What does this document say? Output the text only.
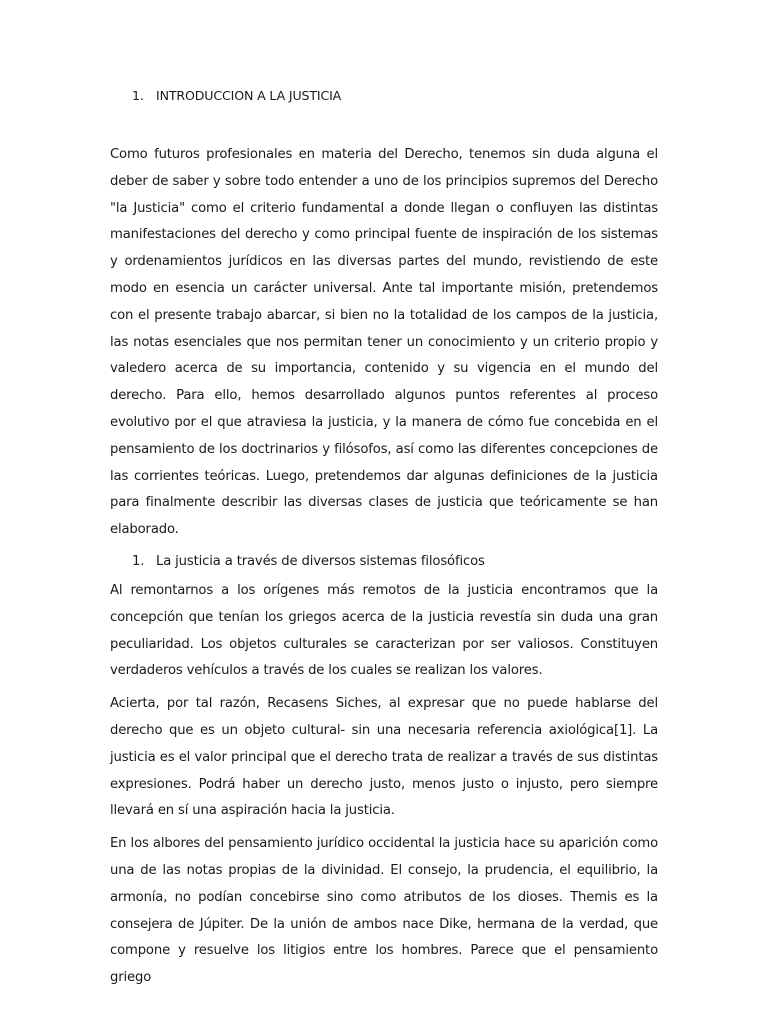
1. INTRODUCCION A LA JUSTICIA

Como futuros profesionales en materia del Derecho, tenemos sin duda alguna el deber de saber y sobre todo entender a uno de los principios supremos del Derecho "la Justicia" como el criterio fundamental a donde llegan o confluyen las distintas manifestaciones del derecho y como principal fuente de inspiración de los sistemas y ordenamientos jurídicos en las diversas partes del mundo, revistiendo de este modo en esencia un carácter universal. Ante tal importante misión, pretendemos con el presente trabajo abarcar, si bien no la totalidad de los campos de la justicia, las notas esenciales que nos permitan tener un conocimiento y un criterio propio y valedero acerca de su importancia, contenido y su vigencia en el mundo del derecho. Para ello, hemos desarrollado algunos puntos referentes al proceso evolutivo por el que atraviesa la justicia, y la manera de cómo fue concebida en el pensamiento de los doctrinarios y filósofos, así como las diferentes concepciones de las corrientes teóricas. Luego, pretendemos dar algunas definiciones de la justicia para finalmente describir las diversas clases de justicia que teóricamente se han elaborado.

1. La justicia a través de diversos sistemas filosóficos

Al remontarnos a los orígenes más remotos de la justicia encontramos que la concepción que tenían los griegos acerca de la justicia revestía sin duda una gran peculiaridad. Los objetos culturales se caracterizan por ser valiosos. Constituyen verdaderos vehículos a través de los cuales se realizan los valores.

Acierta, por tal razón, Recasens Siches, al expresar que no puede hablarse del derecho que es un objeto cultural- sin una necesaria referencia axiológica[1]. La justicia es el valor principal que el derecho trata de realizar a través de sus distintas expresiones. Podrá haber un derecho justo, menos justo o injusto, pero siempre llevará en sí una aspiración hacia la justicia.

En los albores del pensamiento jurídico occidental la justicia hace su aparición como una de las notas propias de la divinidad. El consejo, la prudencia, el equilibrio, la armonía, no podían concebirse sino como atributos de los dioses. Themis es la consejera de Júpiter. De la unión de ambos nace Dike, hermana de la verdad, que compone y resuelve los litigios entre los hombres. Parece que el pensamiento griego
